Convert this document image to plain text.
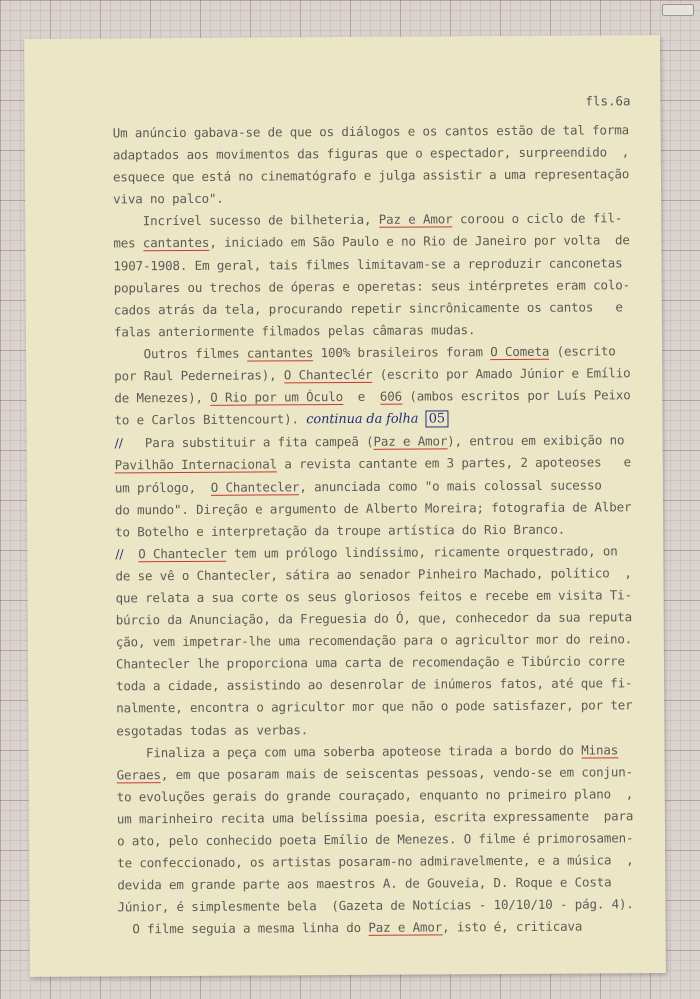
fls.6a
Um anúncio gabava-se de que os diálogos e os cantos estão de tal forma
adaptados aos movimentos das figuras que o espectador, surpreendido  ,
esquece que está no cinematógrafo e julga assistir a uma representação
viva no palco".
Incrível sucesso de bilheteria, Paz e Amor coroou o ciclo de fil-
mes cantantes, iniciado em São Paulo e no Rio de Janeiro por volta  de
1907-1908. Em geral, tais filmes limitavam-se a reproduzir canconetas
populares ou trechos de óperas e operetas: seus intérpretes eram colo-
cados atrás da tela, procurando repetir sincrônicamente os cantos   e
falas anteriormente filmados pelas câmaras mudas.
Outros filmes cantantes 100% brasileiros foram O Cometa (escrito
por Raul Pederneiras), O Chanteclér (escrito por Amado Júnior e Emílio
de Menezes), O Rio por um Óculo  e  606 (ambos escritos por Luís Peixo
to e Carlos Bittencourt). continua da folha 05
//   Para substituir a fita campeã (Paz e Amor), entrou em exibição no
Pavilhão Internacional a revista cantante em 3 partes, 2 apoteoses   e
um prólogo,  O Chantecler, anunciada como "o mais colossal sucesso
do mundo". Direção e argumento de Alberto Moreira; fotografia de Alber
to Botelho e interpretação da troupe artística do Rio Branco.
// O Chantecler tem um prólogo lindíssimo, ricamente orquestrado, on
de se vê o Chantecler, sátira ao senador Pinheiro Machado, político  ,
que relata a sua corte os seus gloriosos feitos e recebe em visita Ti-
búrcio da Anunciação, da Freguesia do Ó, que, conhecedor da sua reputa
ção, vem impetrar-lhe uma recomendação para o agricultor mor do reino.
Chantecler lhe proporciona uma carta de recomendação e Tibúrcio corre
toda a cidade, assistindo ao desenrolar de inúmeros fatos, até que fi-
nalmente, encontra o agricultor mor que não o pode satisfazer, por ter
esgotadas todas as verbas.
Finaliza a peça com uma soberba apoteose tirada a bordo do Minas
Geraes, em que posaram mais de seiscentas pessoas, vendo-se em conjun-
to evoluções gerais do grande couraçado, enquanto no primeiro plano  ,
um marinheiro recita uma belíssima poesia, escrita expressamente  para
o ato, pelo conhecido poeta Emílio de Menezes. O filme é primorosamen-
te confeccionado, os artistas posaram-no admiravelmente, e a música  ,
devida em grande parte aos maestros A. de Gouveia, D. Roque e Costa
Júnior, é simplesmente bela  (Gazeta de Notícias - 10/10/10 - pág. 4).
O filme seguia a mesma linha do Paz e Amor, isto é, criticava
